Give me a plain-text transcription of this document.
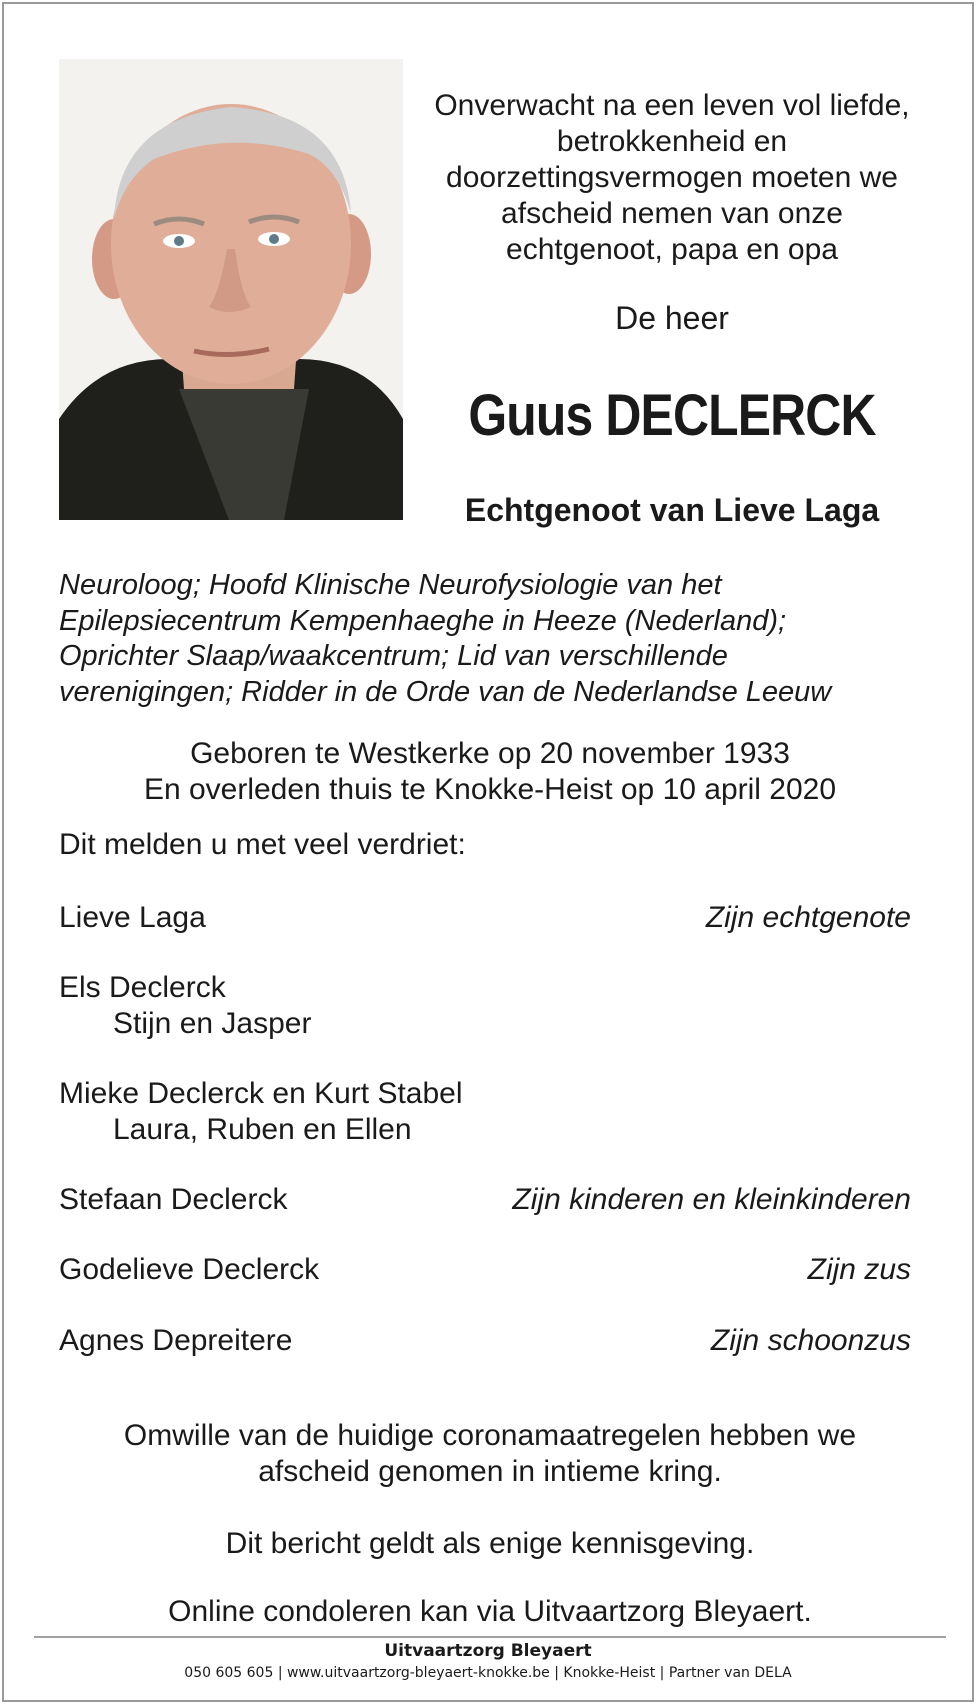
Onverwacht na een leven vol liefde,
betrokkenheid en
doorzettingsvermogen moeten we
afscheid nemen van onze
echtgenoot, papa en opa
De heer
Guus DECLERCK
Echtgenoot van Lieve Laga
Neuroloog; Hoofd Klinische Neurofysiologie van het
Epilepsiecentrum Kempenhaeghe in Heeze (Nederland);
Oprichter Slaap/waakcentrum; Lid van verschillende
verenigingen; Ridder in de Orde van de Nederlandse Leeuw
Geboren te Westkerke op 20 november 1933
En overleden thuis te Knokke-Heist op 10 april 2020
Dit melden u met veel verdriet:
Lieve Laga	Zijn echtgenote
Els Declerck
Stijn en Jasper
Mieke Declerck en Kurt Stabel
Laura, Ruben en Ellen
Stefaan Declerck	Zijn kinderen en kleinkinderen
Godelieve Declerck	Zijn zus
Agnes Depreitere	Zijn schoonzus
Omwille van de huidige coronamaatregelen hebben we
afscheid genomen in intieme kring.
Dit bericht geldt als enige kennisgeving.
Online condoleren kan via Uitvaartzorg Bleyaert.
Uitvaartzorg Bleyaert
050 605 605 | www.uitvaartzorg-bleyaert-knokke.be | Knokke-Heist | Partner van DELA
